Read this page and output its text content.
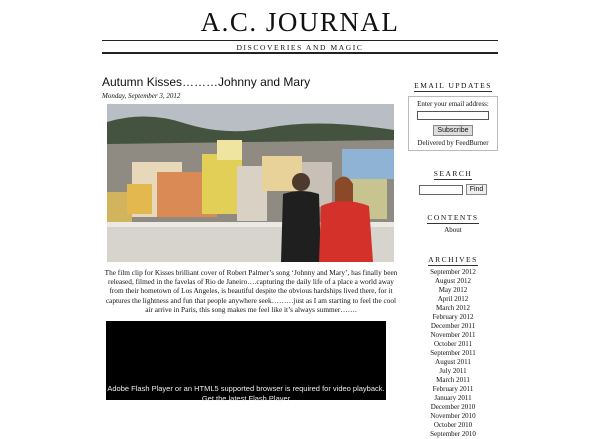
A.C. JOURNAL
DISCOVERIES AND MAGIC
Autumn Kisses………Johnny and Mary
Monday, September 3, 2012
The film clip for Kisses brilliant cover of Robert Palmer’s song ‘Johnny and Mary’, has finally been released, filmed in the favelas of Rio de Janeiro….capturing the daily life of a place a world away from their hometown of Los Angeles, is beautiful despite the obvious hardships lived there, for it captures the lightness and fun that people anywhere seek………just as I am starting to feel the cool air arrive in Paris, this song makes me feel like it’s always summer…….
Adobe Flash Player or an HTML5 supported browser is required for video playback.
Get the latest Flash Player
EMAIL UPDATES
Enter your email address:
Subscribe
Delivered by FeedBurner
SEARCH
Find
CONTENTS
About
ARCHIVES
September 2012
August 2012
May 2012
April 2012
March 2012
February 2012
December 2011
November 2011
October 2011
September 2011
August 2011
July 2011
March 2011
February 2011
January 2011
December 2010
November 2010
October 2010
September 2010
